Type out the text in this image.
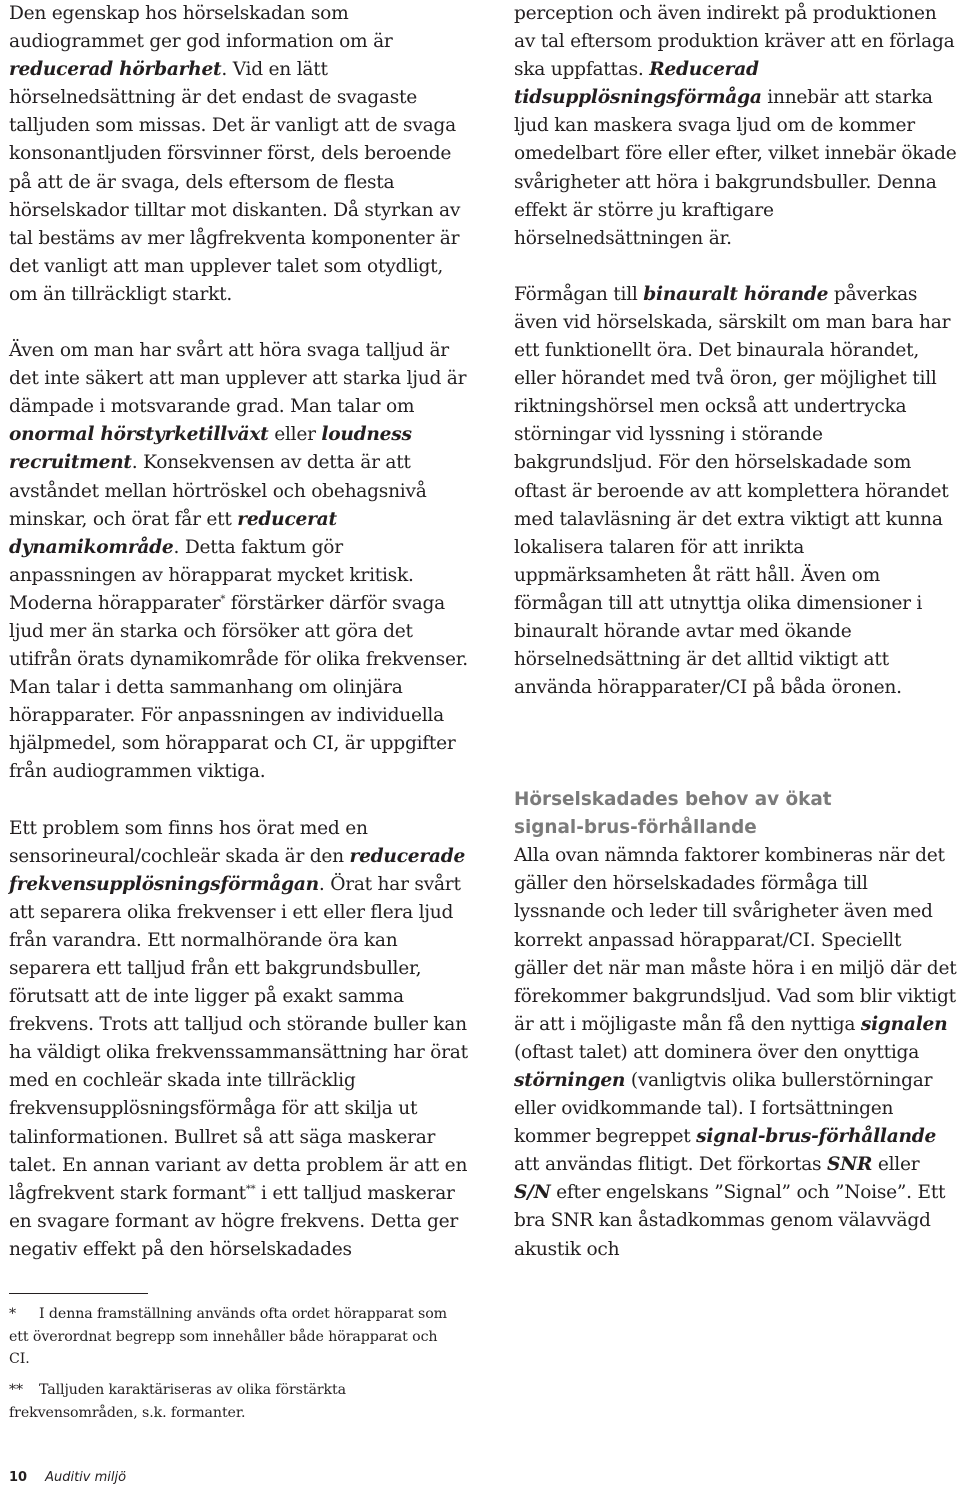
Den egenskap hos hörselskadan som audiogrammet ger god information om är reducerad hörbarhet. Vid en lätt hörselnedsättning är det endast de svagaste talljuden som missas. Det är vanligt att de svaga konsonantljuden försvinner först, dels beroende på att de är svaga, dels eftersom de flesta hörselskador tilltar mot diskanten. Då styrkan av tal bestäms av mer lågfrekventa komponenter är det vanligt att man upplever talet som otydligt, om än tillräckligt starkt.

Även om man har svårt att höra svaga talljud är det inte säkert att man upplever att starka ljud är dämpade i motsvarande grad. Man talar om onormal hörstyrketillväxt eller loudness recruitment. Konsekvensen av detta är att avståndet mellan hörtröskel och obehagsnivå minskar, och örat får ett reducerat dynamikområde. Detta faktum gör anpassningen av hörapparat mycket kritisk. Moderna hörapparater* förstärker därför svaga ljud mer än starka och försöker att göra det utifrån örats dynamikområde för olika frekvenser. Man talar i detta sammanhang om olinjära hörapparater. För anpassningen av individuella hjälpmedel, som hörapparat och CI, är uppgifter från audiogrammen viktiga.

Ett problem som finns hos örat med en sensorineural/cochleär skada är den reducerade frekvensupplösningsförmågan. Örat har svårt att separera olika frekvenser i ett eller flera ljud från varandra. Ett normalhörande öra kan separera ett talljud från ett bakgrundsbuller, förutsatt att de inte ligger på exakt samma frekvens. Trots att talljud och störande buller kan ha väldigt olika frekvenssammansättning har örat med en cochleär skada inte tillräcklig frekvensupplösningsförmåga för att skilja ut talinformationen. Bullret så att säga maskerar talet. En annan variant av detta problem är att en lågfrekvent stark formant** i ett talljud maskerar en svagare formant av högre frekvens. Detta ger negativ effekt på den hörselskadades

perception och även indirekt på produktionen av tal eftersom produktion kräver att en förlaga ska uppfattas. Reducerad tidsupplösningsförmåga innebär att starka ljud kan maskera svaga ljud om de kommer omedelbart före eller efter, vilket innebär ökade svårigheter att höra i bakgrundsbuller. Denna effekt är större ju kraftigare hörselnedsättningen är.

Förmågan till binauralt hörande påverkas även vid hörselskada, särskilt om man bara har ett funktionellt öra. Det binaurala hörandet, eller hörandet med två öron, ger möjlighet till riktningshörsel men också att undertrycka störningar vid lyssning i störande bakgrundsljud. För den hörselskadade som oftast är beroende av att komplettera hörandet med talavläsning är det extra viktigt att kunna lokalisera talaren för att inrikta uppmärksamheten åt rätt håll. Även om förmågan till att utnyttja olika dimensioner i binauralt hörande avtar med ökande hörselnedsättning är det alltid viktigt att använda hörapparater/CI på båda öronen.

Hörselskadades behov av ökat signal-brus-förhållande

Alla ovan nämnda faktorer kombineras när det gäller den hörselskadades förmåga till lyssnande och leder till svårigheter även med korrekt anpassad hörapparat/CI. Speciellt gäller det när man måste höra i en miljö där det förekommer bakgrundsljud. Vad som blir viktigt är att i möjligaste mån få den nyttiga signalen (oftast talet) att dominera över den onyttiga störningen (vanligtvis olika bullerstörningar eller ovidkommande tal). I fortsättningen kommer begreppet signal-brus-förhållande att användas flitigt. Det förkortas SNR eller S/N efter engelskans ”Signal” och ”Noise”. Ett bra SNR kan åstadkommas genom välavvägd akustik och

* I denna framställning används ofta ordet hörapparat som ett överordnat begrepp som innehåller både hörapparat och CI.

** Talljuden karaktäriseras av olika förstärkta frekvensområden, s.k. formanter.

10 Auditiv miljö
